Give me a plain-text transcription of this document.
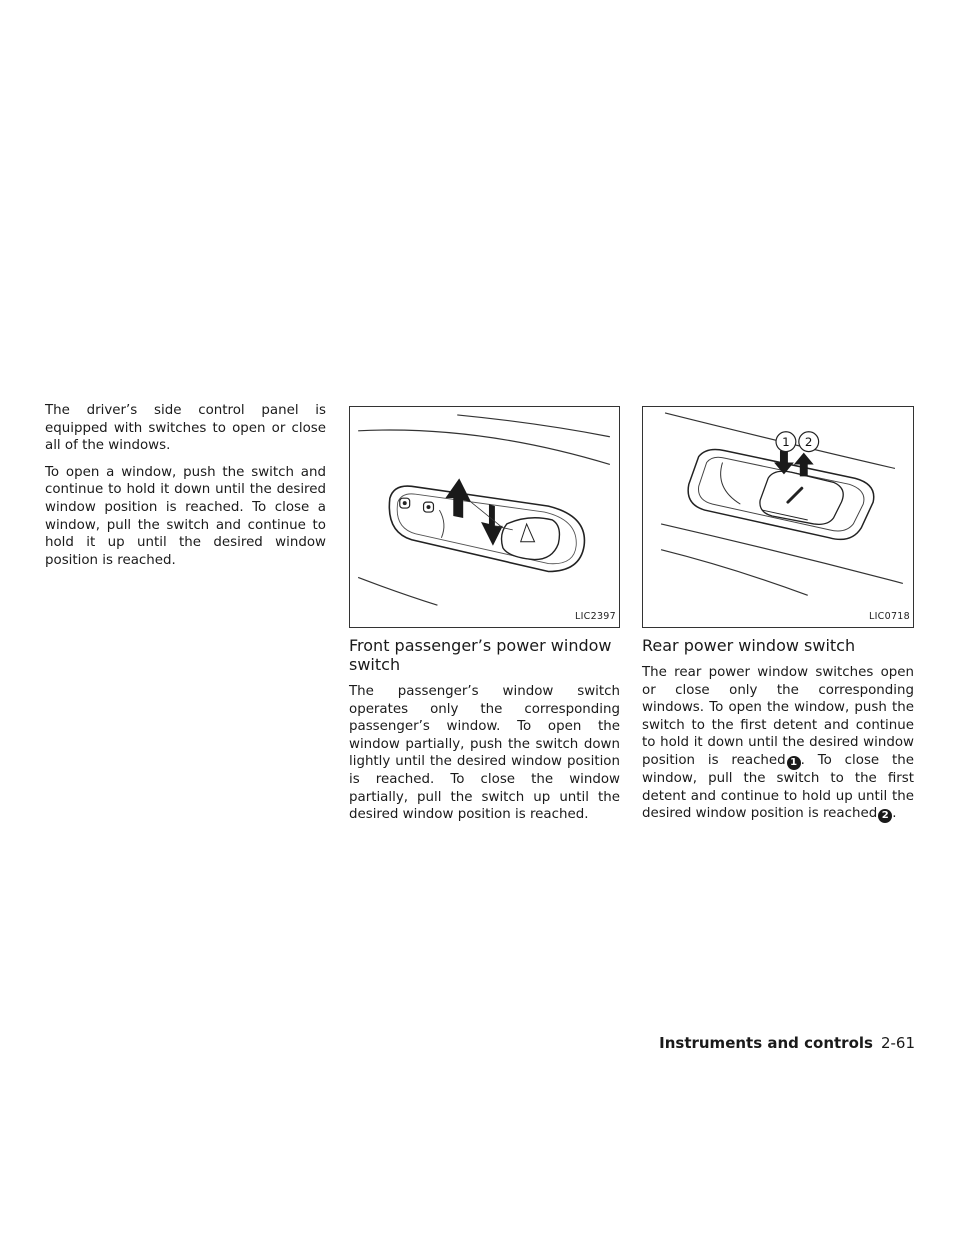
The driver’s side control panel is equipped with switches to open or close all of the windows.

To open a window, push the switch and continue to hold it down until the desired window position is reached. To close a window, pull the switch and continue to hold it up until the desired window position is reached.

LIC2397
Front passenger’s power window switch

The passenger’s window switch operates only the corresponding passenger’s window. To open the window partially, push the switch down lightly until the desired window position is reached. To close the window partially, pull the switch up until the desired window position is reached.

1 2
LIC0718
Rear power window switch

The rear power window switches open or close only the corresponding windows. To open the window, push the switch to the first detent and continue to hold it down until the desired window position is reached 1 . To close the window, pull the switch to the first detent and continue to hold up until the desired window position is reached 2 .

Instruments and controls 2-61
